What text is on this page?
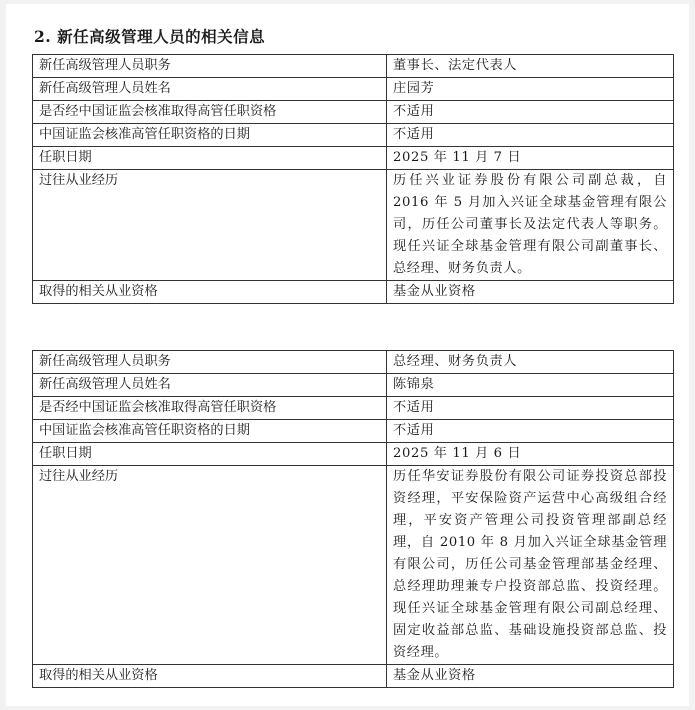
2. 新任高级管理人员的相关信息
新任高级管理人员职务	董事长、法定代表人
新任高级管理人员姓名	庄园芳
是否经中国证监会核准取得高管任职资格	不适用
中国证监会核准高管任职资格的日期	不适用
任职日期	2025 年 11 月 7 日
过往从业经历	历任兴业证券股份有限公司副总裁，自 2016 年 5 月加入兴证全球基金管理有限公司，历任公司董事长及法定代表人等职务。现任兴证全球基金管理有限公司副董事长、总经理、财务负责人。
取得的相关从业资格	基金从业资格
新任高级管理人员职务	总经理、财务负责人
新任高级管理人员姓名	陈锦泉
是否经中国证监会核准取得高管任职资格	不适用
中国证监会核准高管任职资格的日期	不适用
任职日期	2025 年 11 月 6 日
过往从业经历	历任华安证券股份有限公司证券投资总部投资经理，平安保险资产运营中心高级组合经理，平安资产管理公司投资管理部副总经理，自 2010 年 8 月加入兴证全球基金管理有限公司，历任公司基金管理部基金经理、总经理助理兼专户投资部总监、投资经理。现任兴证全球基金管理有限公司副总经理、固定收益部总监、基础设施投资部总监、投资经理。
取得的相关从业资格	基金从业资格
